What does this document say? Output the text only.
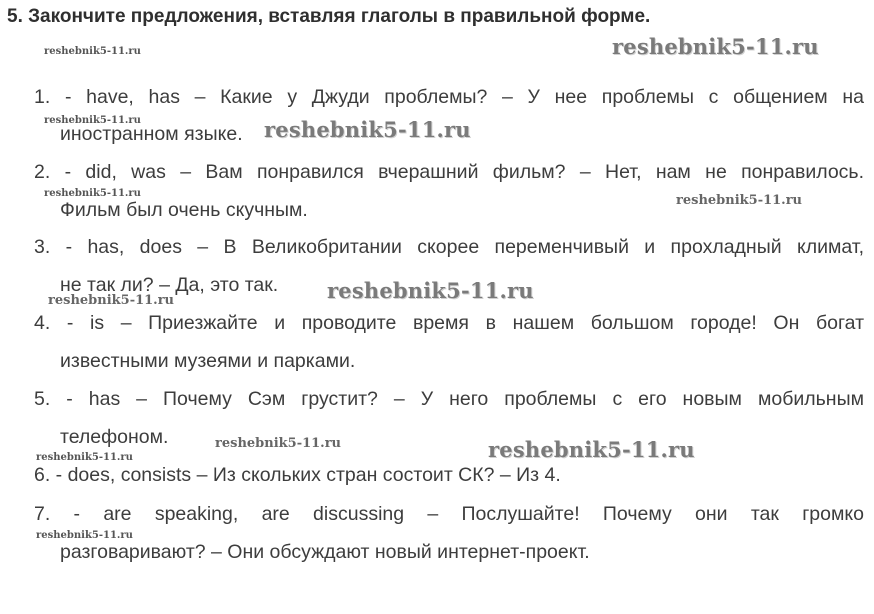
5. Закончите предложения, вставляя глаголы в правильной форме.
reshebnik5-11.ru
reshebnik5-11.ru
reshebnik5-11.ru	reshebnik5-11.ru
reshebnik5-11.ru	reshebnik5-11.ru
reshebnik5-11.ru
reshebnik5-11.ru
reshebnik5-11.ru	reshebnik5-11.ru
reshebnik5-11.ru
reshebnik5-11.ru
1. - have, has – Какие у Джуди проблемы? – У нее проблемы с общением на
иностранном языке.
2. - did, was – Вам понравился вчерашний фильм? – Нет, нам не понравилось.
Фильм был очень скучным.
3. - has, does – В Великобритании скорее переменчивый и прохладный климат,
не так ли? – Да, это так.
4. - is – Приезжайте и проводите время в нашем большом городе! Он богат
известными музеями и парками.
5. - has – Почему Сэм грустит? – У него проблемы с его новым мобильным
телефоном.
6. - does, consists – Из скольких стран состоит СК? – Из 4.
7. - are speaking, are discussing – Послушайте! Почему они так громко
разговаривают? – Они обсуждают новый интернет-проект.
